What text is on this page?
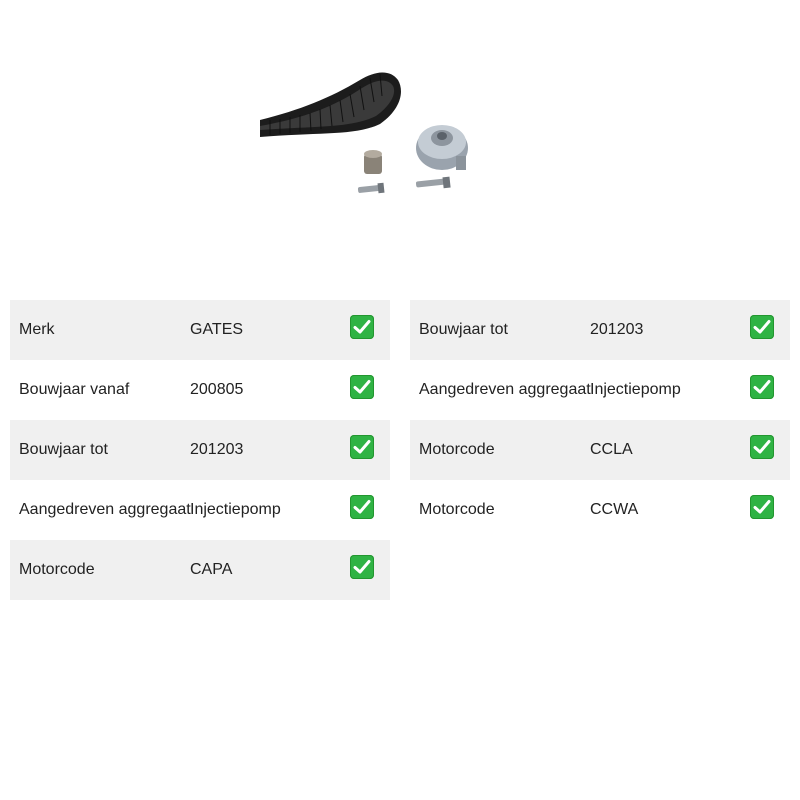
Merk	GATES
Bouwjaar vanaf	200805
Bouwjaar tot	201203
Aangedreven aggregaat Injectiepomp
Motorcode	CAPA
Bouwjaar tot	201203
Aangedreven aggregaat Injectiepomp
Motorcode	CCLA
Motorcode	CCWA
